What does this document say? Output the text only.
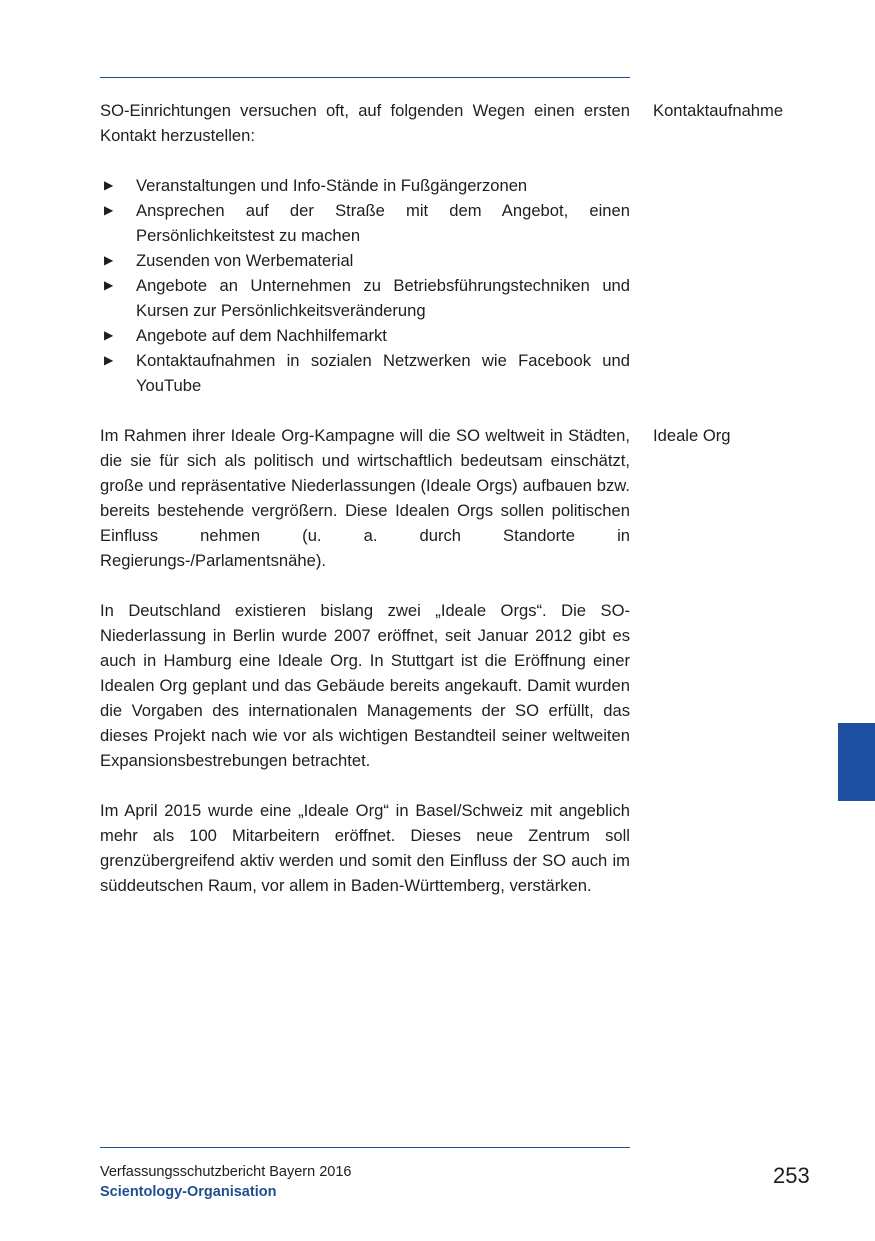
SO-Einrichtungen versuchen oft, auf folgenden Wegen einen ersten Kontakt herzustellen:

▶ Veranstaltungen und Info-Stände in Fußgängerzonen
▶ Ansprechen auf der Straße mit dem Angebot, einen Persönlichkeitstest zu machen
▶ Zusenden von Werbematerial
▶ Angebote an Unternehmen zu Betriebsführungstechniken und Kursen zur Persönlichkeitsveränderung
▶ Angebote auf dem Nachhilfemarkt
▶ Kontaktaufnahmen in sozialen Netzwerken wie Facebook und YouTube

Im Rahmen ihrer Ideale Org-Kampagne will die SO weltweit in Städten, die sie für sich als politisch und wirtschaftlich bedeutsam einschätzt, große und repräsentative Niederlassungen (Ideale Orgs) aufbauen bzw. bereits bestehende vergrößern. Diese Idealen Orgs sollen politischen Einfluss nehmen (u. a. durch Standorte in Regierungs-/Parlamentsnähe).

In Deutschland existieren bislang zwei „Ideale Orgs“. Die SO-Niederlassung in Berlin wurde 2007 eröffnet, seit Januar 2012 gibt es auch in Hamburg eine Ideale Org. In Stuttgart ist die Eröffnung einer Idealen Org geplant und das Gebäude bereits angekauft. Damit wurden die Vorgaben des internationalen Managements der SO erfüllt, das dieses Projekt nach wie vor als wichtigen Bestandteil seiner weltweiten Expansionsbestrebungen betrachtet.

Im April 2015 wurde eine „Ideale Org“ in Basel/Schweiz mit angeblich mehr als 100 Mitarbeitern eröffnet. Dieses neue Zentrum soll grenzübergreifend aktiv werden und somit den Einfluss der SO auch im süddeutschen Raum, vor allem in Baden-Württemberg, verstärken.

Kontaktaufnahme
Ideale Org
Verfassungsschutzbericht Bayern 2016
Scientology-Organisation
253
